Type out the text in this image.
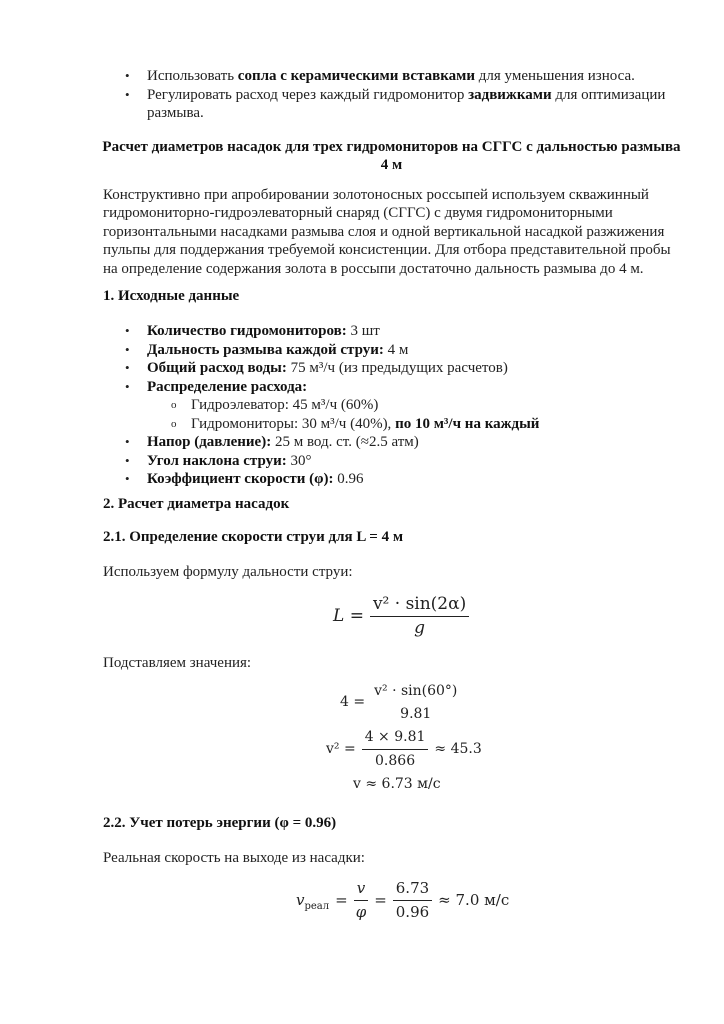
• Использовать сопла с керамическими вставками для уменьшения износа.
• Регулировать расход через каждый гидромонитор задвижками для оптимизации размыва.
Расчет диаметров насадок для трех гидромониторов на СГГС с дальностью размыва 4 м
Конструктивно при апробировании золотоносных россыпей используем скважинный гидромониторно-гидроэлеваторный снаряд (СГГС) с двумя гидромониторными горизонтальными насадками размыва слоя и одной вертикальной насадкой разжижения пульпы для поддержания требуемой консистенции. Для отбора представительной пробы на определение содержания золота в россыпи достаточно дальность размыва до 4 м.
1. Исходные данные
• Количество гидромониторов: 3 шт
• Дальность размыва каждой струи: 4 м
• Общий расход воды: 75 м³/ч (из предыдущих расчетов)
• Распределение расхода:
o Гидроэлеватор: 45 м³/ч (60%)
o Гидромониторы: 30 м³/ч (40%), по 10 м³/ч на каждый
• Напор (давление): 25 м вод. ст. (≈2.5 атм)
• Угол наклона струи: 30°
• Коэффициент скорости (φ): 0.96
2. Расчет диаметра насадок
2.1. Определение скорости струи для L = 4 м
Используем формулу дальности струи:
$L = \frac{\text{v² · sin(2α)}}{g}$
Подставляем значения:
4 =
v² · sin(60°)
9.81
$v^2 = \frac{4 \times 9.81}{0.866} \approx 45.3$
v ≈ 6.73 м/с
2.2. Учет потерь энергии (φ = 0.96)
Реальная скорость на выходе из насадки:
$v_{реал} = \frac{v}{\varphi} = \frac{6.73}{0.96} \approx 7.0$ м/с
